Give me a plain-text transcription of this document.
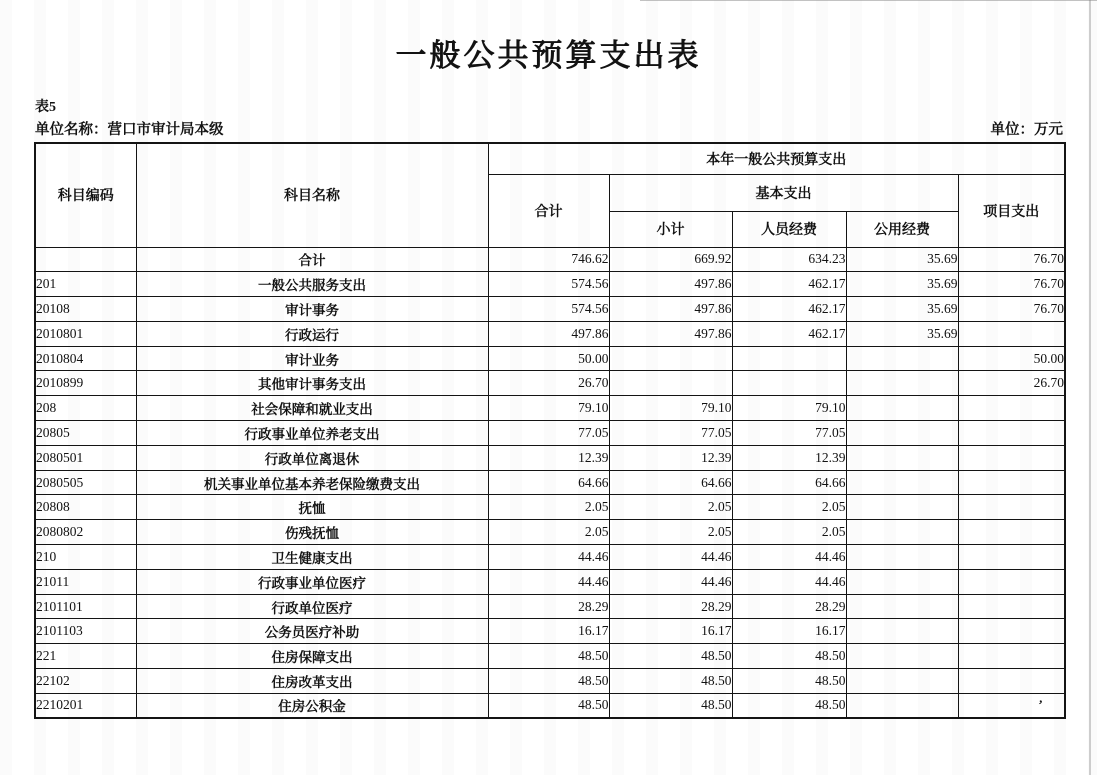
一般公共预算支出表
表5
单位名称：营口市审计局本级	单位：万元
科目编码	科目名称	本年一般公共预算支出				
		合计	基本支出			项目支出
			小计	人员经费	公用经费	
	合计	746.62	669.92	634.23	35.69	76.70
201	一般公共服务支出	574.56	497.86	462.17	35.69	76.70
20108	审计事务	574.56	497.86	462.17	35.69	76.70
2010801	行政运行	497.86	497.86	462.17	35.69	
2010804	审计业务	50.00				50.00
2010899	其他审计事务支出	26.70				26.70
208	社会保障和就业支出	79.10	79.10	79.10		
20805	行政事业单位养老支出	77.05	77.05	77.05		
2080501	行政单位离退休	12.39	12.39	12.39		
2080505	机关事业单位基本养老保险缴费支出	64.66	64.66	64.66		
20808	抚恤	2.05	2.05	2.05		
2080802	伤残抚恤	2.05	2.05	2.05		
210	卫生健康支出	44.46	44.46	44.46		
21011	行政事业单位医疗	44.46	44.46	44.46		
2101101	行政单位医疗	28.29	28.29	28.29		
2101103	公务员医疗补助	16.17	16.17	16.17		
221	住房保障支出	48.50	48.50	48.50		
22102	住房改革支出	48.50	48.50	48.50		
2210201	住房公积金	48.50	48.50	48.50		’
